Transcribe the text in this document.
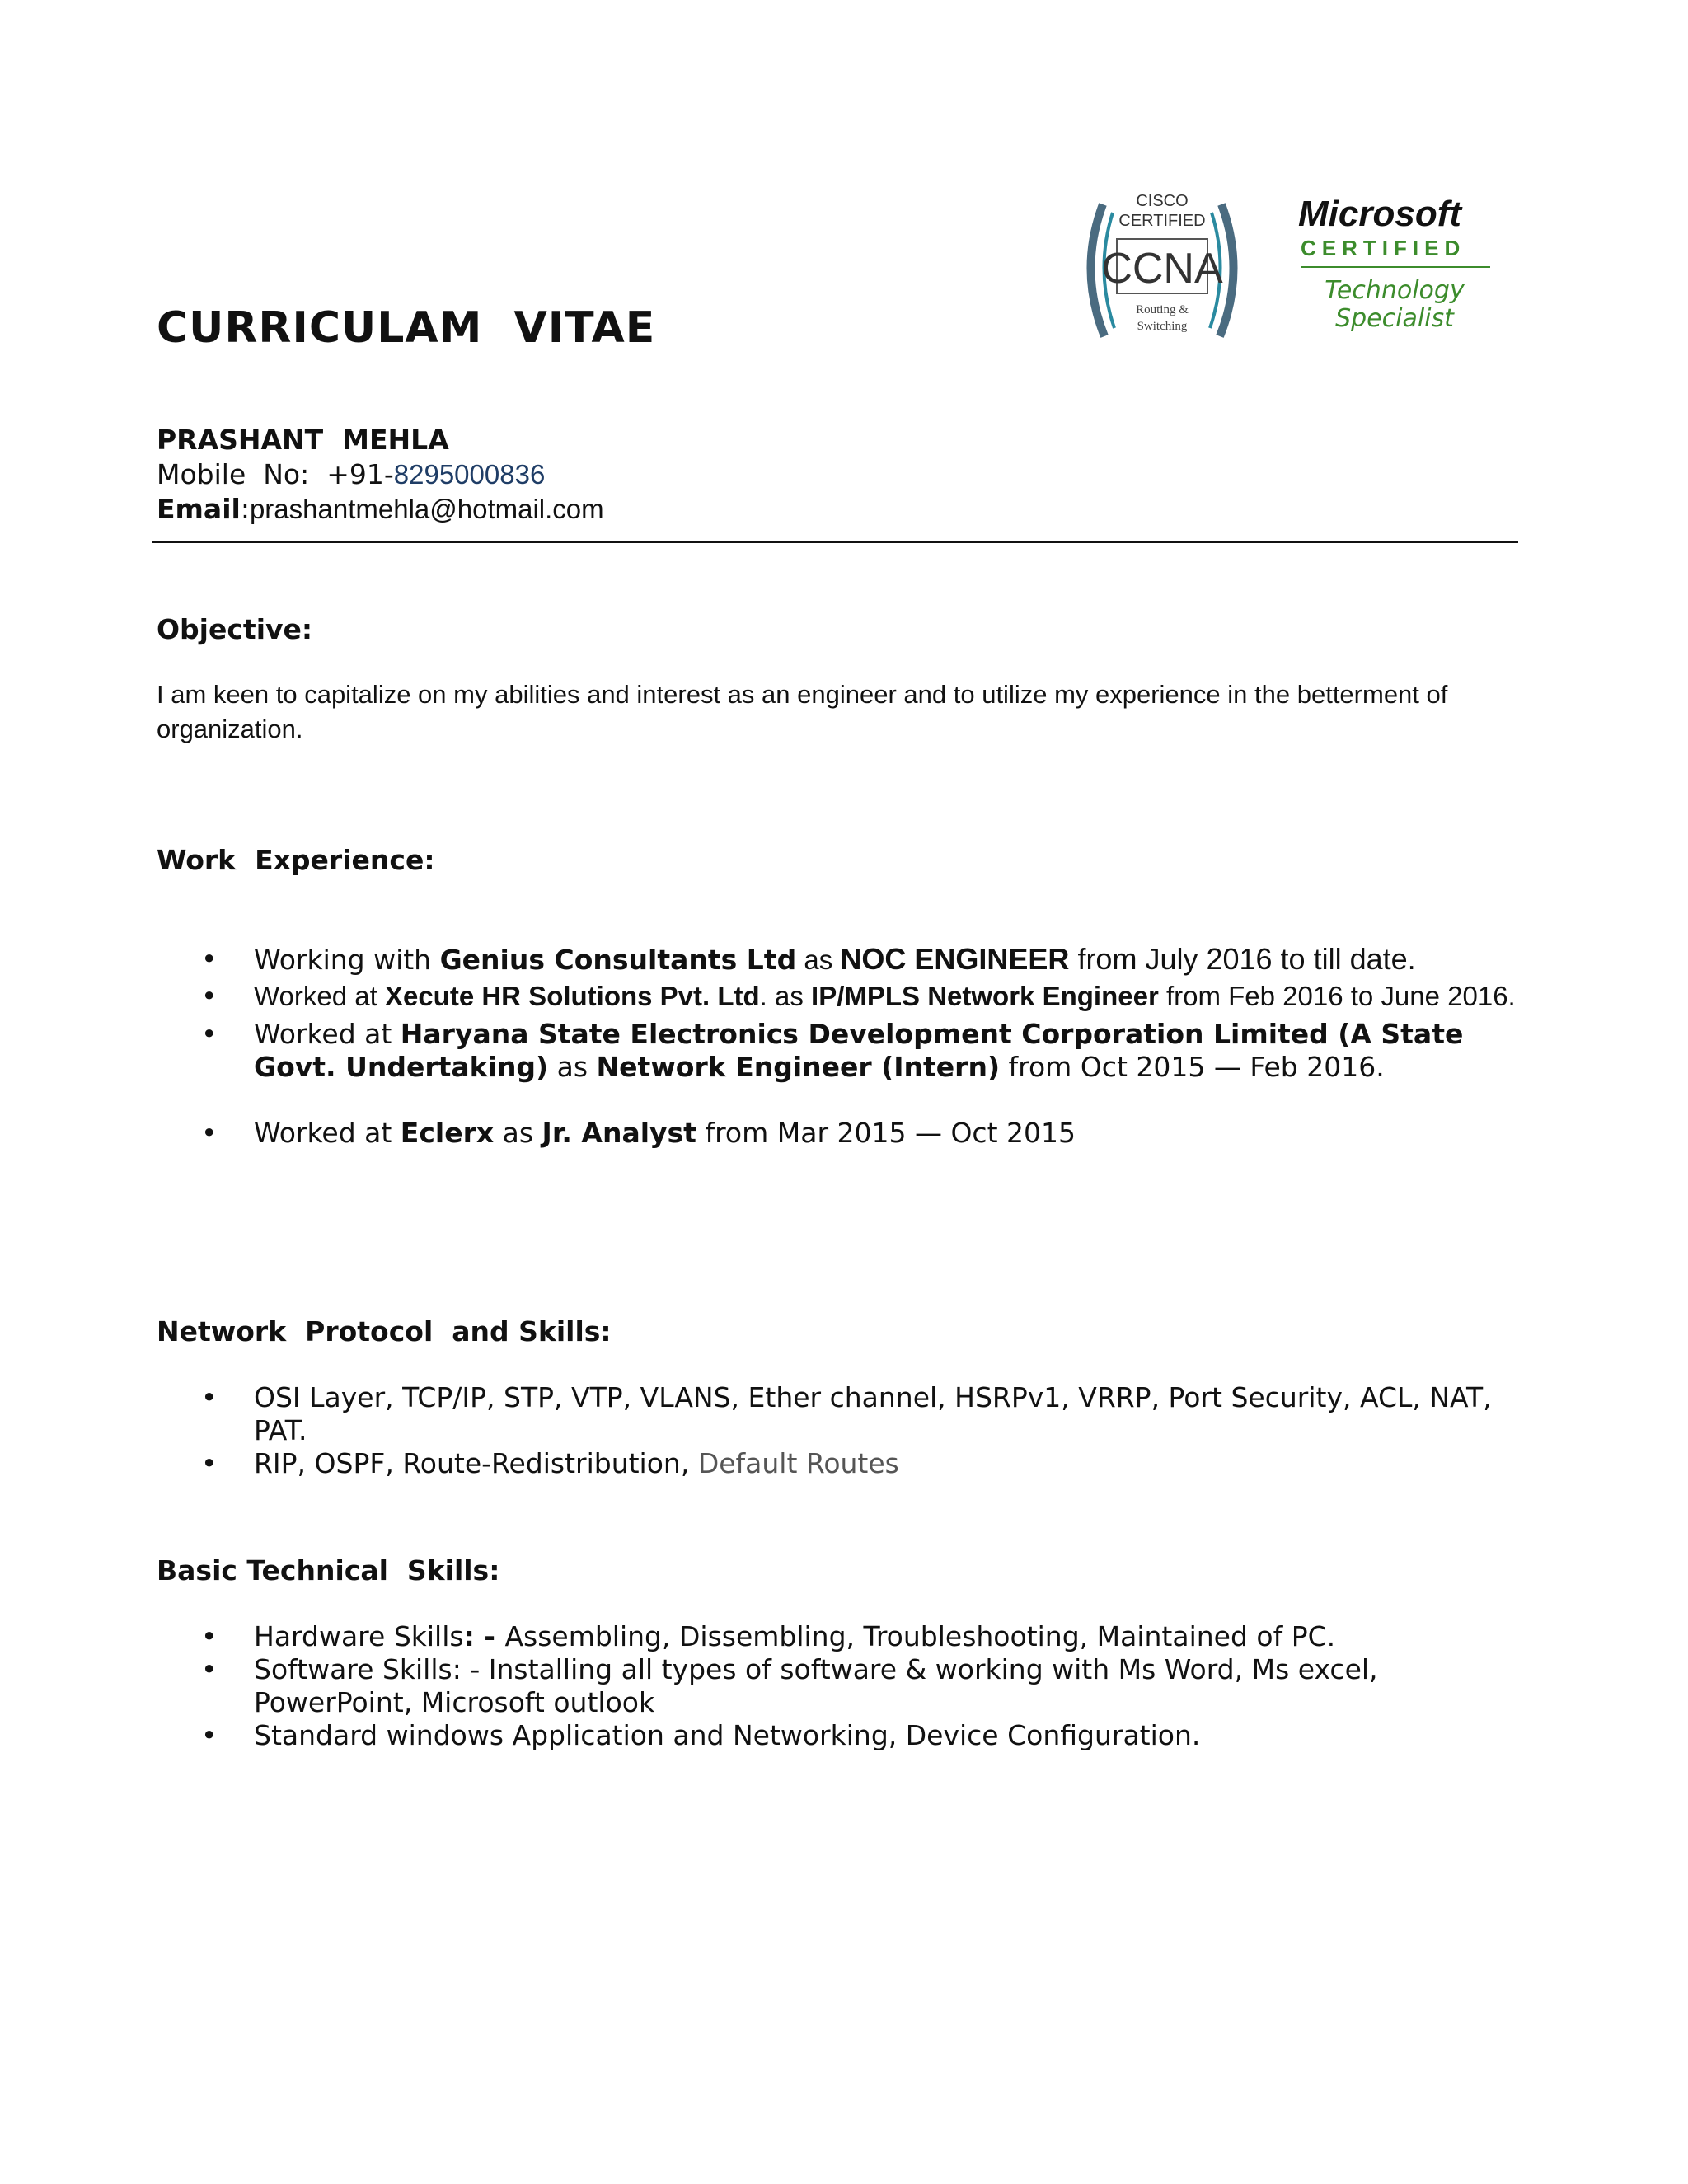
CURRICULAM  VITAE
CISCO
CERTIFIED
CCNA
Routing &
Switching
Microsoft
CERTIFIED
Technology
Specialist
PRASHANT  MEHLA
Mobile  No:  +91-8295000836
Email:prashantmehla@hotmail.com
Objective:
I am keen to capitalize on my abilities and interest as an engineer and to utilize my experience in the betterment of organization.
Work  Experience:
• Working with Genius Consultants Ltd as NOC ENGINEER from July 2016 to till date.
• Worked at Xecute HR Solutions Pvt. Ltd. as IP/MPLS Network Engineer from Feb 2016 to June 2016.
• Worked at Haryana State Electronics Development Corporation Limited (A State Govt. Undertaking) as Network Engineer (Intern) from Oct 2015 — Feb 2016.
• Worked at Eclerx as Jr. Analyst from Mar 2015 — Oct 2015
Network  Protocol  and Skills:
• OSI Layer, TCP/IP, STP, VTP, VLANS, Ether channel, HSRPv1, VRRP, Port Security, ACL, NAT, PAT.
• RIP, OSPF, Route-Redistribution, Default Routes
Basic Technical  Skills:
• Hardware Skills: - Assembling, Dissembling, Troubleshooting, Maintained of PC.
• Software Skills: - Installing all types of software & working with Ms Word, Ms excel, PowerPoint, Microsoft outlook
• Standard windows Application and Networking, Device Configuration.
